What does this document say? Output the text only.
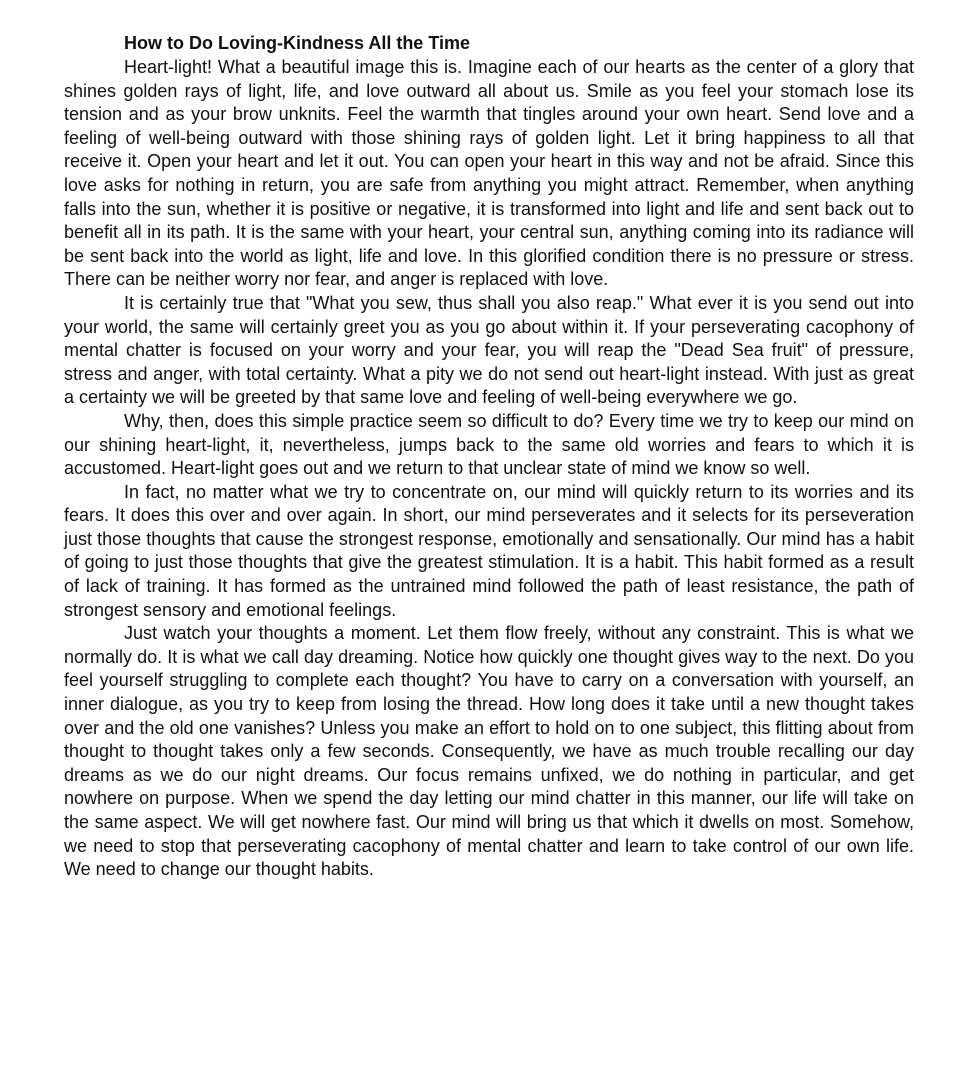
How to Do Loving-Kindness All the Time

Heart-light! What a beautiful image this is. Imagine each of our hearts as the center of a glory that shines golden rays of light, life, and love outward all about us. Smile as you feel your stomach lose its tension and as your brow unknits. Feel the warmth that tingles around your own heart. Send love and a feeling of well-being outward with those shining rays of golden light. Let it bring happiness to all that receive it. Open your heart and let it out. You can open your heart in this way and not be afraid. Since this love asks for nothing in return, you are safe from anything you might attract. Remember, when anything falls into the sun, whether it is positive or negative, it is transformed into light and life and sent back out to benefit all in its path. It is the same with your heart, your central sun, anything coming into its radiance will be sent back into the world as light, life and love. In this glorified condition there is no pressure or stress. There can be neither worry nor fear, and anger is replaced with love.

It is certainly true that "What you sew, thus shall you also reap." What ever it is you send out into your world, the same will certainly greet you as you go about within it. If your perseverating cacophony of mental chatter is focused on your worry and your fear, you will reap the "Dead Sea fruit" of pressure, stress and anger, with total certainty. What a pity we do not send out heart-light instead. With just as great a certainty we will be greeted by that same love and feeling of well-being everywhere we go.

Why, then, does this simple practice seem so difficult to do? Every time we try to keep our mind on our shining heart-light, it, nevertheless, jumps back to the same old worries and fears to which it is accustomed. Heart-light goes out and we return to that unclear state of mind we know so well.

In fact, no matter what we try to concentrate on, our mind will quickly return to its worries and its fears. It does this over and over again. In short, our mind perseverates and it selects for its perseveration just those thoughts that cause the strongest response, emotionally and sensationally. Our mind has a habit of going to just those thoughts that give the greatest stimulation. It is a habit. This habit formed as a result of lack of training. It has formed as the untrained mind followed the path of least resistance, the path of strongest sensory and emotional feelings.

Just watch your thoughts a moment. Let them flow freely, without any constraint. This is what we normally do. It is what we call day dreaming. Notice how quickly one thought gives way to the next. Do you feel yourself struggling to complete each thought? You have to carry on a conversation with yourself, an inner dialogue, as you try to keep from losing the thread. How long does it take until a new thought takes over and the old one vanishes? Unless you make an effort to hold on to one subject, this flitting about from thought to thought takes only a few seconds. Consequently, we have as much trouble recalling our day dreams as we do our night dreams. Our focus remains unfixed, we do nothing in particular, and get nowhere on purpose. When we spend the day letting our mind chatter in this manner, our life will take on the same aspect. We will get nowhere fast. Our mind will bring us that which it dwells on most. Somehow, we need to stop that perseverating cacophony of mental chatter and learn to take control of our own life. We need to change our thought habits.
